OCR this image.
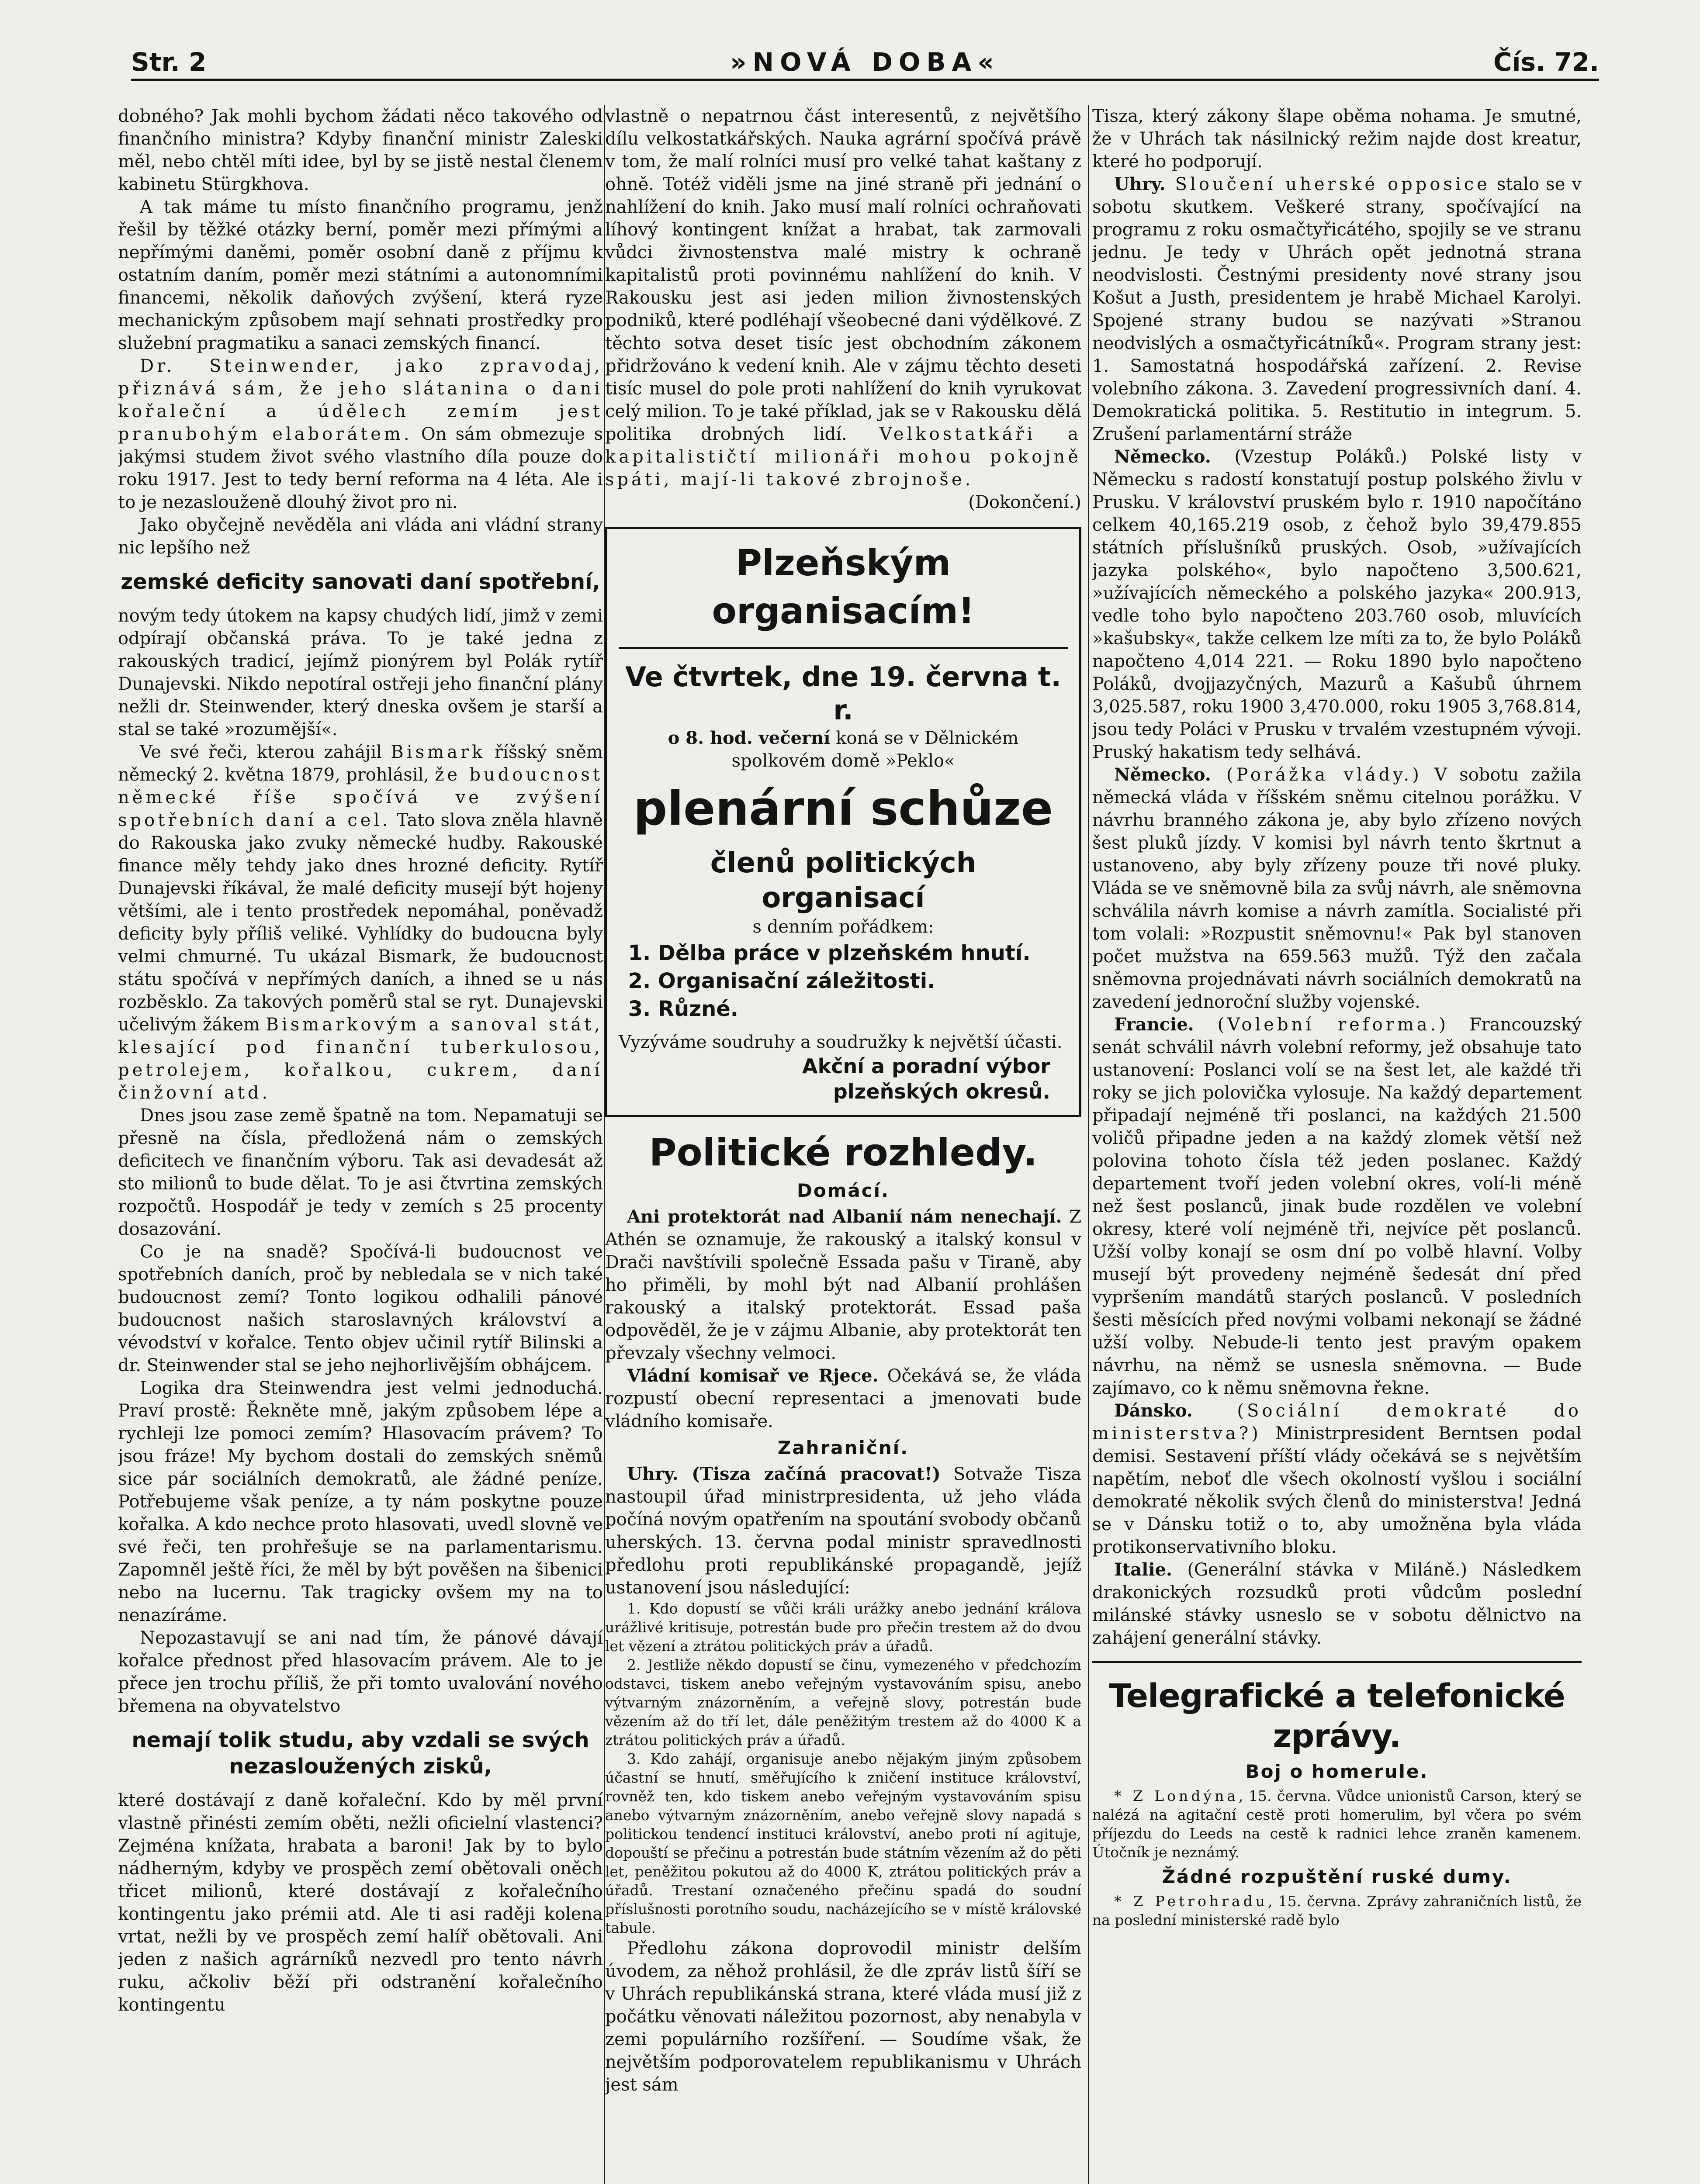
Str. 2	»NOVÁ DOBA«	Čís. 72.

dobného? Jak mohli bychom žádati něco takového od finančního ministra? Kdyby finanční ministr Zaleski měl, nebo chtěl míti idee, byl by se jistě nestal členem kabinetu Stürgkhova.

A tak máme tu místo finančního programu, jenž řešil by těžké otázky berní, poměr mezi přímými a nepřímými daněmi, poměr osobní daně z příjmu k ostatním daním, poměr mezi státními a autonomními financemi, několik daňových zvýšení, která ryze mechanickým způsobem mají sehnati prostředky pro služební pragmatiku a sanaci zemských financí.

Dr. Steinwender, jako zpravodaj, přiznává sám, že jeho slátanina o dani kořaleční a údělech zemím jest pranubohým elaborátem. On sám obmezuje s jakýmsi studem život svého vlastního díla pouze do roku 1917. Jest to tedy berní reforma na 4 léta. Ale i to je nezaslouženě dlouhý život pro ni.

Jako obyčejně nevěděla ani vláda ani vládní strany nic lepšího než

zemské deficity sanovati daní spotřební,

novým tedy útokem na kapsy chudých lidí, jimž v zemi odpírají občanská práva. To je také jedna z rakouských tradicí, jejímž pionýrem byl Polák rytíř Dunajevski. Nikdo nepotíral ostřeji jeho finanční plány nežli dr. Steinwender, který dneska ovšem je starší a stal se také »rozumější«.

Ve své řeči, kterou zahájil Bismark říšský sněm německý 2. května 1879, prohlásil, že budoucnost německé říše spočívá ve zvýšení spotřebních daní a cel. Tato slova zněla hlavně do Rakouska jako zvuky německé hudby. Rakouské finance měly tehdy jako dnes hrozné deficity. Rytíř Dunajevski říkával, že malé deficity musejí být hojeny většími, ale i tento prostředek nepomáhal, poněvadž deficity byly příliš veliké. Vyhlídky do budoucna byly velmi chmurné. Tu ukázal Bismark, že budoucnost státu spočívá v nepřímých daních, a ihned se u nás rozběsklo. Za takových poměrů stal se ryt. Dunajevski učelivým žákem Bismarkovým a sanoval stát, klesající pod finanční tuberkulosou, petrolejem, kořalkou, cukrem, daní činžovní atd.

Dnes jsou zase země špatně na tom. Nepamatuji se přesně na čísla, předložená nám o zemských deficitech ve finančním výboru. Tak asi devadesát až sto milionů to bude dělat. To je asi čtvrtina zemských rozpočtů. Hospodář je tedy v zemích s 25 procenty dosazování.

Co je na snadě? Spočívá-li budoucnost ve spotřebních daních, proč by nebledala se v nich také budoucnost zemí? Tonto logikou odhalili pánové budoucnost našich staroslavných království a vévodství v kořalce. Tento objev učinil rytíř Bilinski a dr. Steinwender stal se jeho nejhorlivějším obhájcem.

Logika dra Steinwendra jest velmi jednoduchá. Praví prostě: Řekněte mně, jakým způsobem lépe a rychleji lze pomoci zemím? Hlasovacím právem? To jsou fráze! My bychom dostali do zemských sněmů sice pár sociálních demokratů, ale žádné peníze. Potřebujeme však peníze, a ty nám poskytne pouze kořalka. A kdo nechce proto hlasovati, uvedl slovně ve své řeči, ten prohřešuje se na parlamentarismu. Zapomněl ještě říci, že měl by být pověšen na šibenici nebo na lucernu. Tak tragicky ovšem my na to nenazíráme.

Nepozastavují se ani nad tím, že pánové dávají kořalce přednost před hlasovacím právem. Ale to je přece jen trochu příliš, že při tomto uvalování nového břemena na obyvatelstvo

nemají tolik studu, aby vzdali se svých nezasloužených zisků,

které dostávají z daně kořaleční. Kdo by měl první vlastně přinésti zemím oběti, nežli oficielní vlastenci? Zejména knížata, hrabata a baroni! Jak by to bylo nádherným, kdyby ve prospěch zemí obětovali oněch třicet milionů, které dostávají z kořalečního kontingentu jako prémii atd. Ale ti asi raději kolena vrtat, nežli by ve prospěch zemí halíř obětovali. Ani jeden z našich agrárníků nezvedl pro tento návrh ruku, ačkoliv běží při odstranění kořalečního kontingentu

vlastně o nepatrnou část interesentů, z největšího dílu velkostatkářských. Nauka agrární spočívá právě v tom, že malí rolníci musí pro velké tahat kaštany z ohně. Totéž viděli jsme na jiné straně při jednání o nahlížení do knih. Jako musí malí rolníci ochraňovati líhový kontingent knížat a hrabat, tak zarmovali vůdci živnostenstva malé mistry k ochraně kapitalistů proti povinnému nahlížení do knih. V Rakousku jest asi jeden milion živnostenských podniků, které podléhají všeobecné dani výdělkové. Z těchto sotva deset tisíc jest obchodním zákonem přidržováno k vedení knih. Ale v zájmu těchto deseti tisíc musel do pole proti nahlížení do knih vyrukovat celý milion. To je také příklad, jak se v Rakousku dělá politika drobných lidí. Velkostatkáři a kapitalističtí milionáři mohou pokojně spáti, mají-li takové zbrojnoše.

(Dokončení.)

Plzeňským organisacím!
Ve čtvrtek, dne 19. června t. r.
o 8. hod. večerní koná se v Dělnickém spolkovém domě »Peklo«
plenární schůze
členů politických
organisací
s denním pořádkem:
1. Dělba práce v plzeňském hnutí.
2. Organisační záležitosti.
3. Různé.

Vyzýváme soudruhy a soudružky k největší účasti.

Akční a poradní výbor
plzeňských okresů.
Politické rozhledy.
Domácí.

Ani protektorát nad Albanií nám nenechají. Z Athén se oznamuje, že rakouský a italský konsul v Drači navštívili společně Essada pašu v Tiraně, aby ho přiměli, by mohl být nad Albanií prohlášen rakouský a italský protektorát. Essad paša odpověděl, že je v zájmu Albanie, aby protektorát ten převzaly všechny velmoci.

Vládní komisař ve Rjece. Očekává se, že vláda rozpustí obecní representaci a jmenovati bude vládního komisaře.

Zahraniční.

Uhry. (Tisza začíná pracovat!) Sotvaže Tisza nastoupil úřad ministrpresidenta, už jeho vláda počíná novým opatřením na spoutání svobody občanů uherských. 13. června podal ministr spravedlnosti předlohu proti republikánské propagandě, jejíž ustanovení jsou následující:

1. Kdo dopustí se vůči králi urážky anebo jednání králova urážlivé kritisuje, potrestán bude pro přečin trestem až do dvou let vězení a ztrátou politických práv a úřadů.

2. Jestliže někdo dopustí se činu, vymezeného v předchozím odstavci, tiskem anebo veřejným vystavováním spisu, anebo výtvarným znázorněním, a veřejně slovy, potrestán bude vězením až do tří let, dále peněžitým trestem až do 4000 K a ztrátou politických práv a úřadů.

3. Kdo zahájí, organisuje anebo nějakým jiným způsobem účastní se hnutí, směřujícího k zničení instituce království, rovněž ten, kdo tiskem anebo veřejným vystavováním spisu anebo výtvarným znázorněním, anebo veřejně slovy napadá s politickou tendencí instituci království, anebo proti ní agituje, dopouští se přečinu a potrestán bude státním vězením až do pěti let, peněžitou pokutou až do 4000 K, ztrátou politických práv a úřadů. Trestaní označeného přečinu spadá do soudní příslušnosti porotního soudu, nacházejícího se v místě královské tabule.

Předlohu zákona doprovodil ministr delším úvodem, za něhož prohlásil, že dle zpráv listů šíří se v Uhrách republikánská strana, které vláda musí již z počátku věnovati náležitou pozornost, aby nenabyla v zemi populárního rozšíření. — Soudíme však, že největším podporovatelem republikanismu v Uhrách jest sám

Tisza, který zákony šlape oběma nohama. Je smutné, že v Uhrách tak násilnický režim najde dost kreatur, které ho podporují.

Uhry. Sloučení uherské opposice stalo se v sobotu skutkem. Veškeré strany, spočívající na programu z roku osmačtyřicátého, spojily se ve stranu jednu. Je tedy v Uhrách opět jednotná strana neodvislosti. Čestnými presidenty nové strany jsou Košut a Justh, presidentem je hrabě Michael Karolyi. Spojené strany budou se nazývati »Stranou neodvislých a osmačtyřicátníků«. Program strany jest: 1. Samostatná hospodářská zařízení. 2. Revise volebního zákona. 3. Zavedení progressivních daní. 4. Demokratická politika. 5. Restitutio in integrum. 5. Zrušení parlamentární stráže

Německo. (Vzestup Poláků.) Polské listy v Německu s radostí konstatují postup polského živlu v Prusku. V království pruském bylo r. 1910 napočítáno celkem 40,165.219 osob, z čehož bylo 39,479.855 státních příslušníků pruských. Osob, »užívajících jazyka polského«, bylo napočteno 3,500.621, »užívajících německého a polského jazyka« 200.913, vedle toho bylo napočteno 203.760 osob, mluvících »kašubsky«, takže celkem lze míti za to, že bylo Poláků napočteno 4,014 221. — Roku 1890 bylo napočteno Poláků, dvojjazyčných, Mazurů a Kašubů úhrnem 3,025.587, roku 1900 3,470.000, roku 1905 3,768.814, jsou tedy Poláci v Prusku v trvalém vzestupném vývoji. Pruský hakatism tedy selhává.

Německo. (Porážka vlády.) V sobotu zažila německá vláda v říšském sněmu citelnou porážku. V návrhu branného zákona je, aby bylo zřízeno nových šest pluků jízdy. V komisi byl návrh tento škrtnut a ustanoveno, aby byly zřízeny pouze tři nové pluky. Vláda se ve sněmovně bila za svůj návrh, ale sněmovna schválila návrh komise a návrh zamítla. Socialisté při tom volali: »Rozpustit sněmovnu!« Pak byl stanoven počet mužstva na 659.563 mužů. Týž den začala sněmovna projednávati návrh sociálních demokratů na zavedení jednoroční služby vojenské.

Francie. (Volební reforma.) Francouzský senát schválil návrh volební reformy, jež obsahuje tato ustanovení: Poslanci volí se na šest let, ale každé tři roky se jich polovička vylosuje. Na každý departement připadají nejméně tři poslanci, na každých 21.500 voličů připadne jeden a na každý zlomek větší než polovina tohoto čísla též jeden poslanec. Každý departement tvoří jeden volební okres, volí-li méně než šest poslanců, jinak bude rozdělen ve volební okresy, které volí nejméně tři, nejvíce pět poslanců. Užší volby konají se osm dní po volbě hlavní. Volby musejí být provedeny nejméně šedesát dní před vypršením mandátů starých poslanců. V posledních šesti měsících před novými volbami nekonají se žádné užší volby. Nebude-li tento jest pravým opakem návrhu, na němž se usnesla sněmovna. — Bude zajímavo, co k němu sněmovna řekne.

Dánsko. (Sociální demokraté do ministerstva?) Ministrpresident Berntsen podal demisi. Sestavení příští vlády očekává se s největším napětím, neboť dle všech okolností vyšlou i sociální demokraté několik svých členů do ministerstva! Jedná se v Dánsku totiž o to, aby umožněna byla vláda protikonservativního bloku.

Italie. (Generální stávka v Miláně.) Následkem drakonických rozsudků proti vůdcům poslední milánské stávky usneslo se v sobotu dělnictvo na zahájení generální stávky.

Telegrafické a telefonické zprávy.
Boj o homerule.

* Z Londýna, 15. června. Vůdce unionistů Carson, který se nalézá na agitační cestě proti homerulim, byl včera po svém příjezdu do Leeds na cestě k radnici lehce zraněn kamenem. Útočník je neznámý.

Žádné rozpuštění ruské dumy.

* Z Petrohradu, 15. června. Zprávy zahraničních listů, že na poslední ministerské radě bylo
